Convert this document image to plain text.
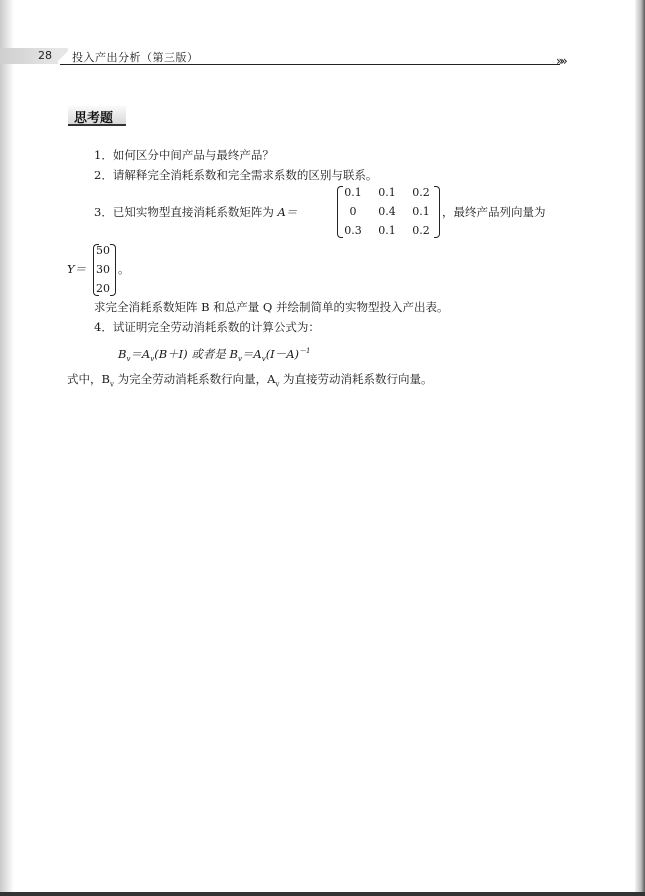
28 投入产出分析（第三版）	»»
思考题
1．如何区分中间产品与最终产品？
2．请解释完全消耗系数和完全需求系数的区别与联系。
3．已知实物型直接消耗系数矩阵为 A＝
0.1	0.1	0.2
0	0.4	0.1
0.3	0.1	0.2
，最终产品列向量为
Y＝
50
30
20
。
求完全消耗系数矩阵 B 和总产量 Q 并绘制简单的实物型投入产出表。
4．试证明完全劳动消耗系数的计算公式为：
$B_v=A_v(B+I)$ 或者是 $B_v=A_v(I-A)^{-1}$
式中，$B_v$ 为完全劳动消耗系数行向量，$A_v$ 为直接劳动消耗系数行向量。
